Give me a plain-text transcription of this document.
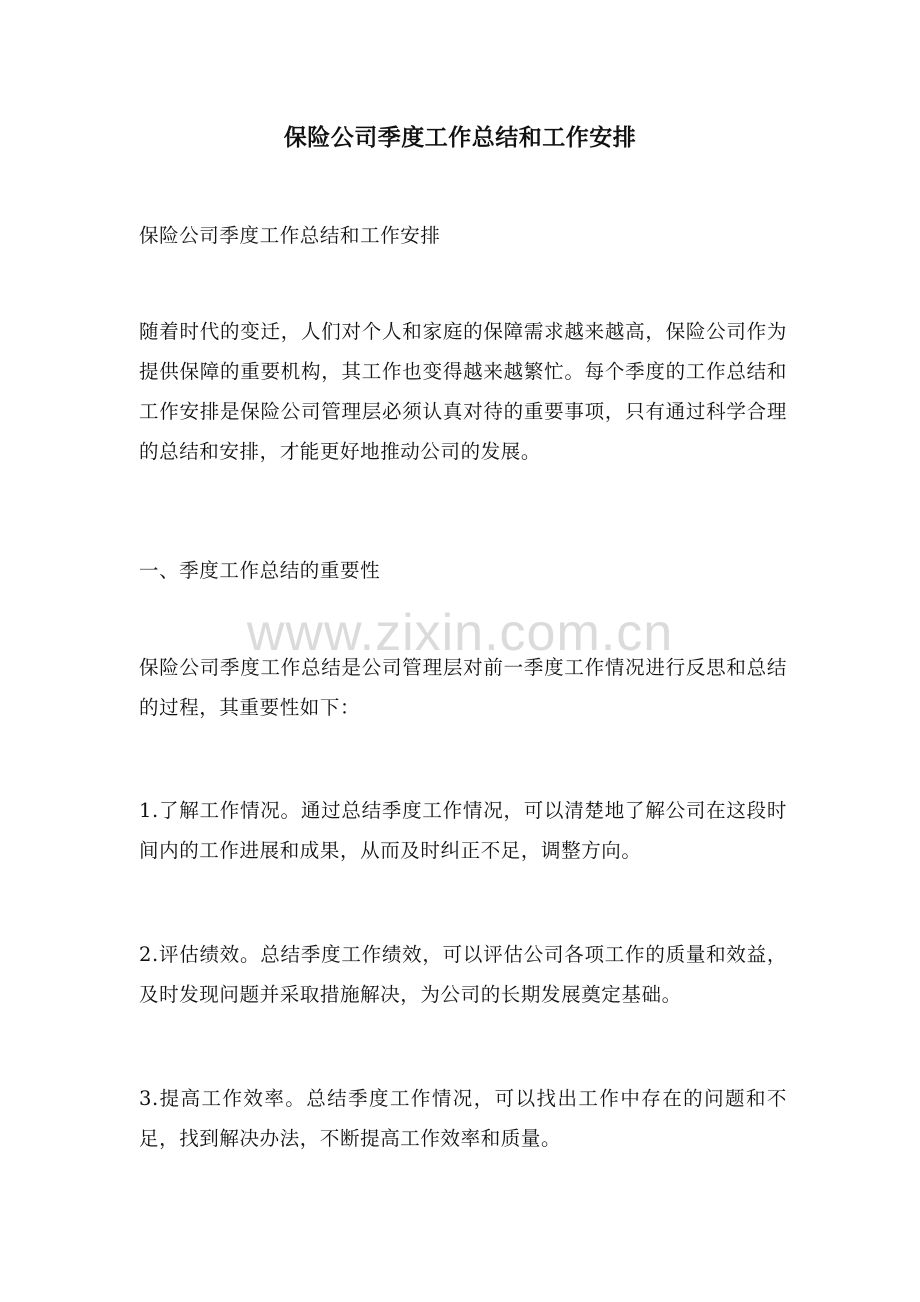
保险公司季度工作总结和工作安排

保险公司季度工作总结和工作安排

随着时代的变迁，人们对个人和家庭的保障需求越来越高，保险公司作为提供保障的重要机构，其工作也变得越来越繁忙。每个季度的工作总结和工作安排是保险公司管理层必须认真对待的重要事项，只有通过科学合理的总结和安排，才能更好地推动公司的发展。

一、季度工作总结的重要性

保险公司季度工作总结是公司管理层对前一季度工作情况进行反思和总结的过程，其重要性如下：

1.了解工作情况。通过总结季度工作情况，可以清楚地了解公司在这段时间内的工作进展和成果，从而及时纠正不足，调整方向。

2.评估绩效。总结季度工作绩效，可以评估公司各项工作的质量和效益，及时发现问题并采取措施解决，为公司的长期发展奠定基础。

3.提高工作效率。总结季度工作情况，可以找出工作中存在的问题和不足，找到解决办法，不断提高工作效率和质量。

www.zixin.com.cn
